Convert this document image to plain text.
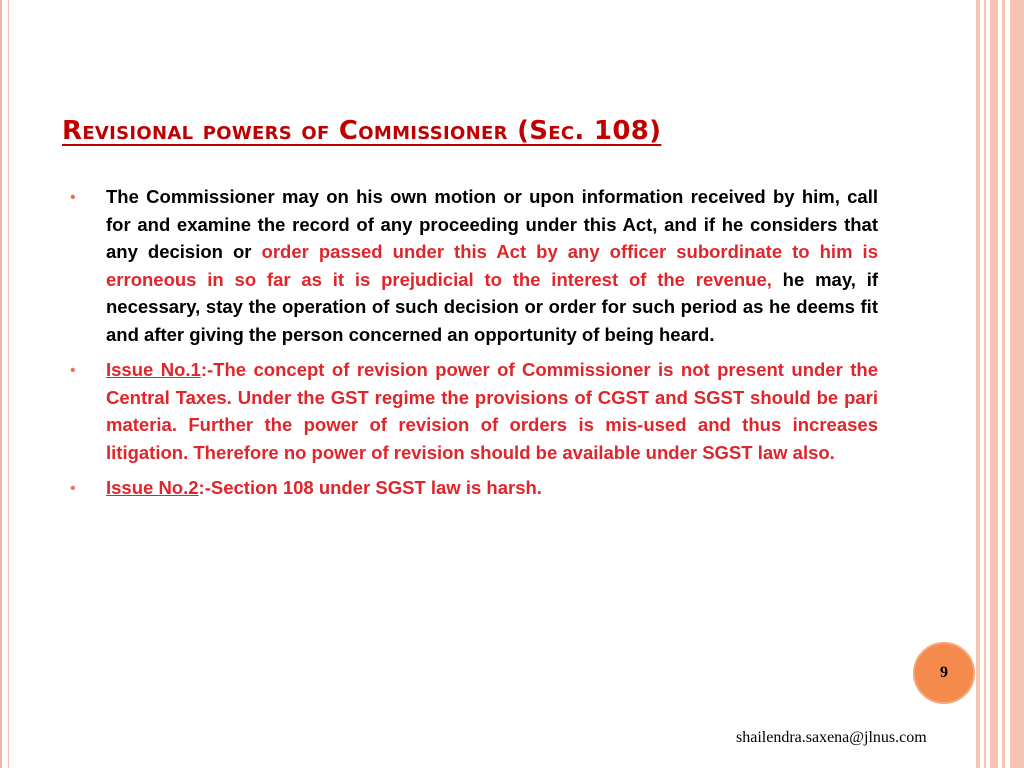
Revisional powers of Commissioner (Sec. 108)
• The Commissioner may on his own motion or upon information received by him, call for and examine the record of any proceeding under this Act, and if he considers that any decision or order passed under this Act by any officer subordinate to him is erroneous in so far as it is prejudicial to the interest of the revenue, he may, if necessary, stay the operation of such decision or order for such period as he deems fit and after giving the person concerned an opportunity of being heard.
• Issue No.1:-The concept of revision power of Commissioner is not present under the Central Taxes. Under the GST regime the provisions of CGST and SGST should be pari materia. Further the power of revision of orders is mis-used and thus increases litigation. Therefore no power of revision should be available under SGST law also.
• Issue No.2:-Section 108 under SGST law is harsh.
9
shailendra.saxena@jlnus.com
